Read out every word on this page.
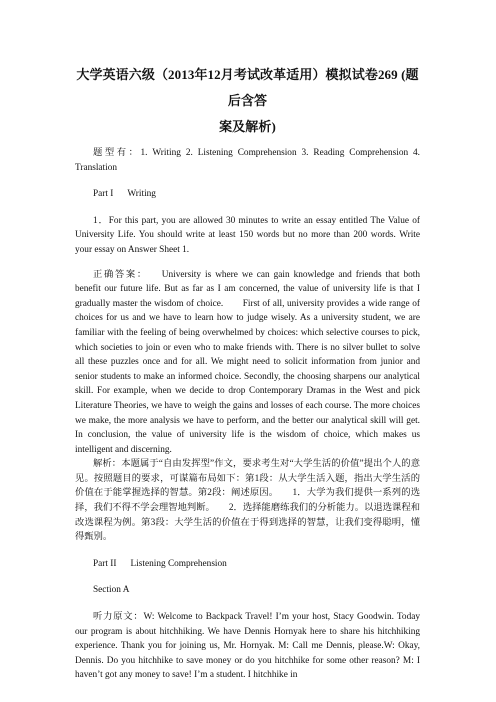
大学英语六级（2013年12月考试改革适用）模拟试卷269 (题后含答
案及解析)

题型有：1. Writing 2. Listening Comprehension 3. Reading Comprehension 4. Translation

Part I Writing

1．For this part, you are allowed 30 minutes to write an essay entitled The Value of University Life. You should write at least 150 words but no more than 200 words. Write your essay on Answer Sheet 1.

正确答案： University is where we can gain knowledge and friends that both benefit our future life. But as far as I am concerned, the value of university life is that I gradually master the wisdom of choice.　　First of all, university provides a wide range of choices for us and we have to learn how to judge wisely. As a university student, we are familiar with the feeling of being overwhelmed by choices: which selective courses to pick, which societies to join or even who to make friends with. There is no silver bullet to solve all these puzzles once and for all. We might need to solicit information from junior and senior students to make an informed choice. Secondly, the choosing sharpens our analytical skill. For example, when we decide to drop Contemporary Dramas in the West and pick Literature Theories, we have to weigh the gains and losses of each course. The more choices we make, the more analysis we have to perform, and the better our analytical skill will get.　　In conclusion, the value of university life is the wisdom of choice, which makes us intelligent and discerning.

解析：本题属于“自由发挥型”作文，要求考生对“大学生活的价值”提出个人的意见。按照题目的要求，可谋篇布局如下：第1段：从大学生活入题，指出大学生活的价值在于能掌握选择的智慧。第2段：阐述原因。　　1．大学为我们提供一系列的选择，我们不得不学会理智地判断。　　2．选择能磨练我们的分析能力。以退选课程和改选课程为例。第3段：大学生活的价值在于得到选择的智慧，让我们变得聪明，懂得甄别。

Part II Listening Comprehension

Section A

听力原文：W: Welcome to Backpack Travel! I’m your host, Stacy Goodwin. Today our program is about hitchhiking. We have Dennis Hornyak here to share his hitchhiking experience. Thank you for joining us, Mr. Hornyak. M: Call me Dennis, please.W: Okay, Dennis. Do you hitchhike to save money or do you hitchhike for some other reason? M: I haven’t got any money to save! I’m a student. I hitchhike in
